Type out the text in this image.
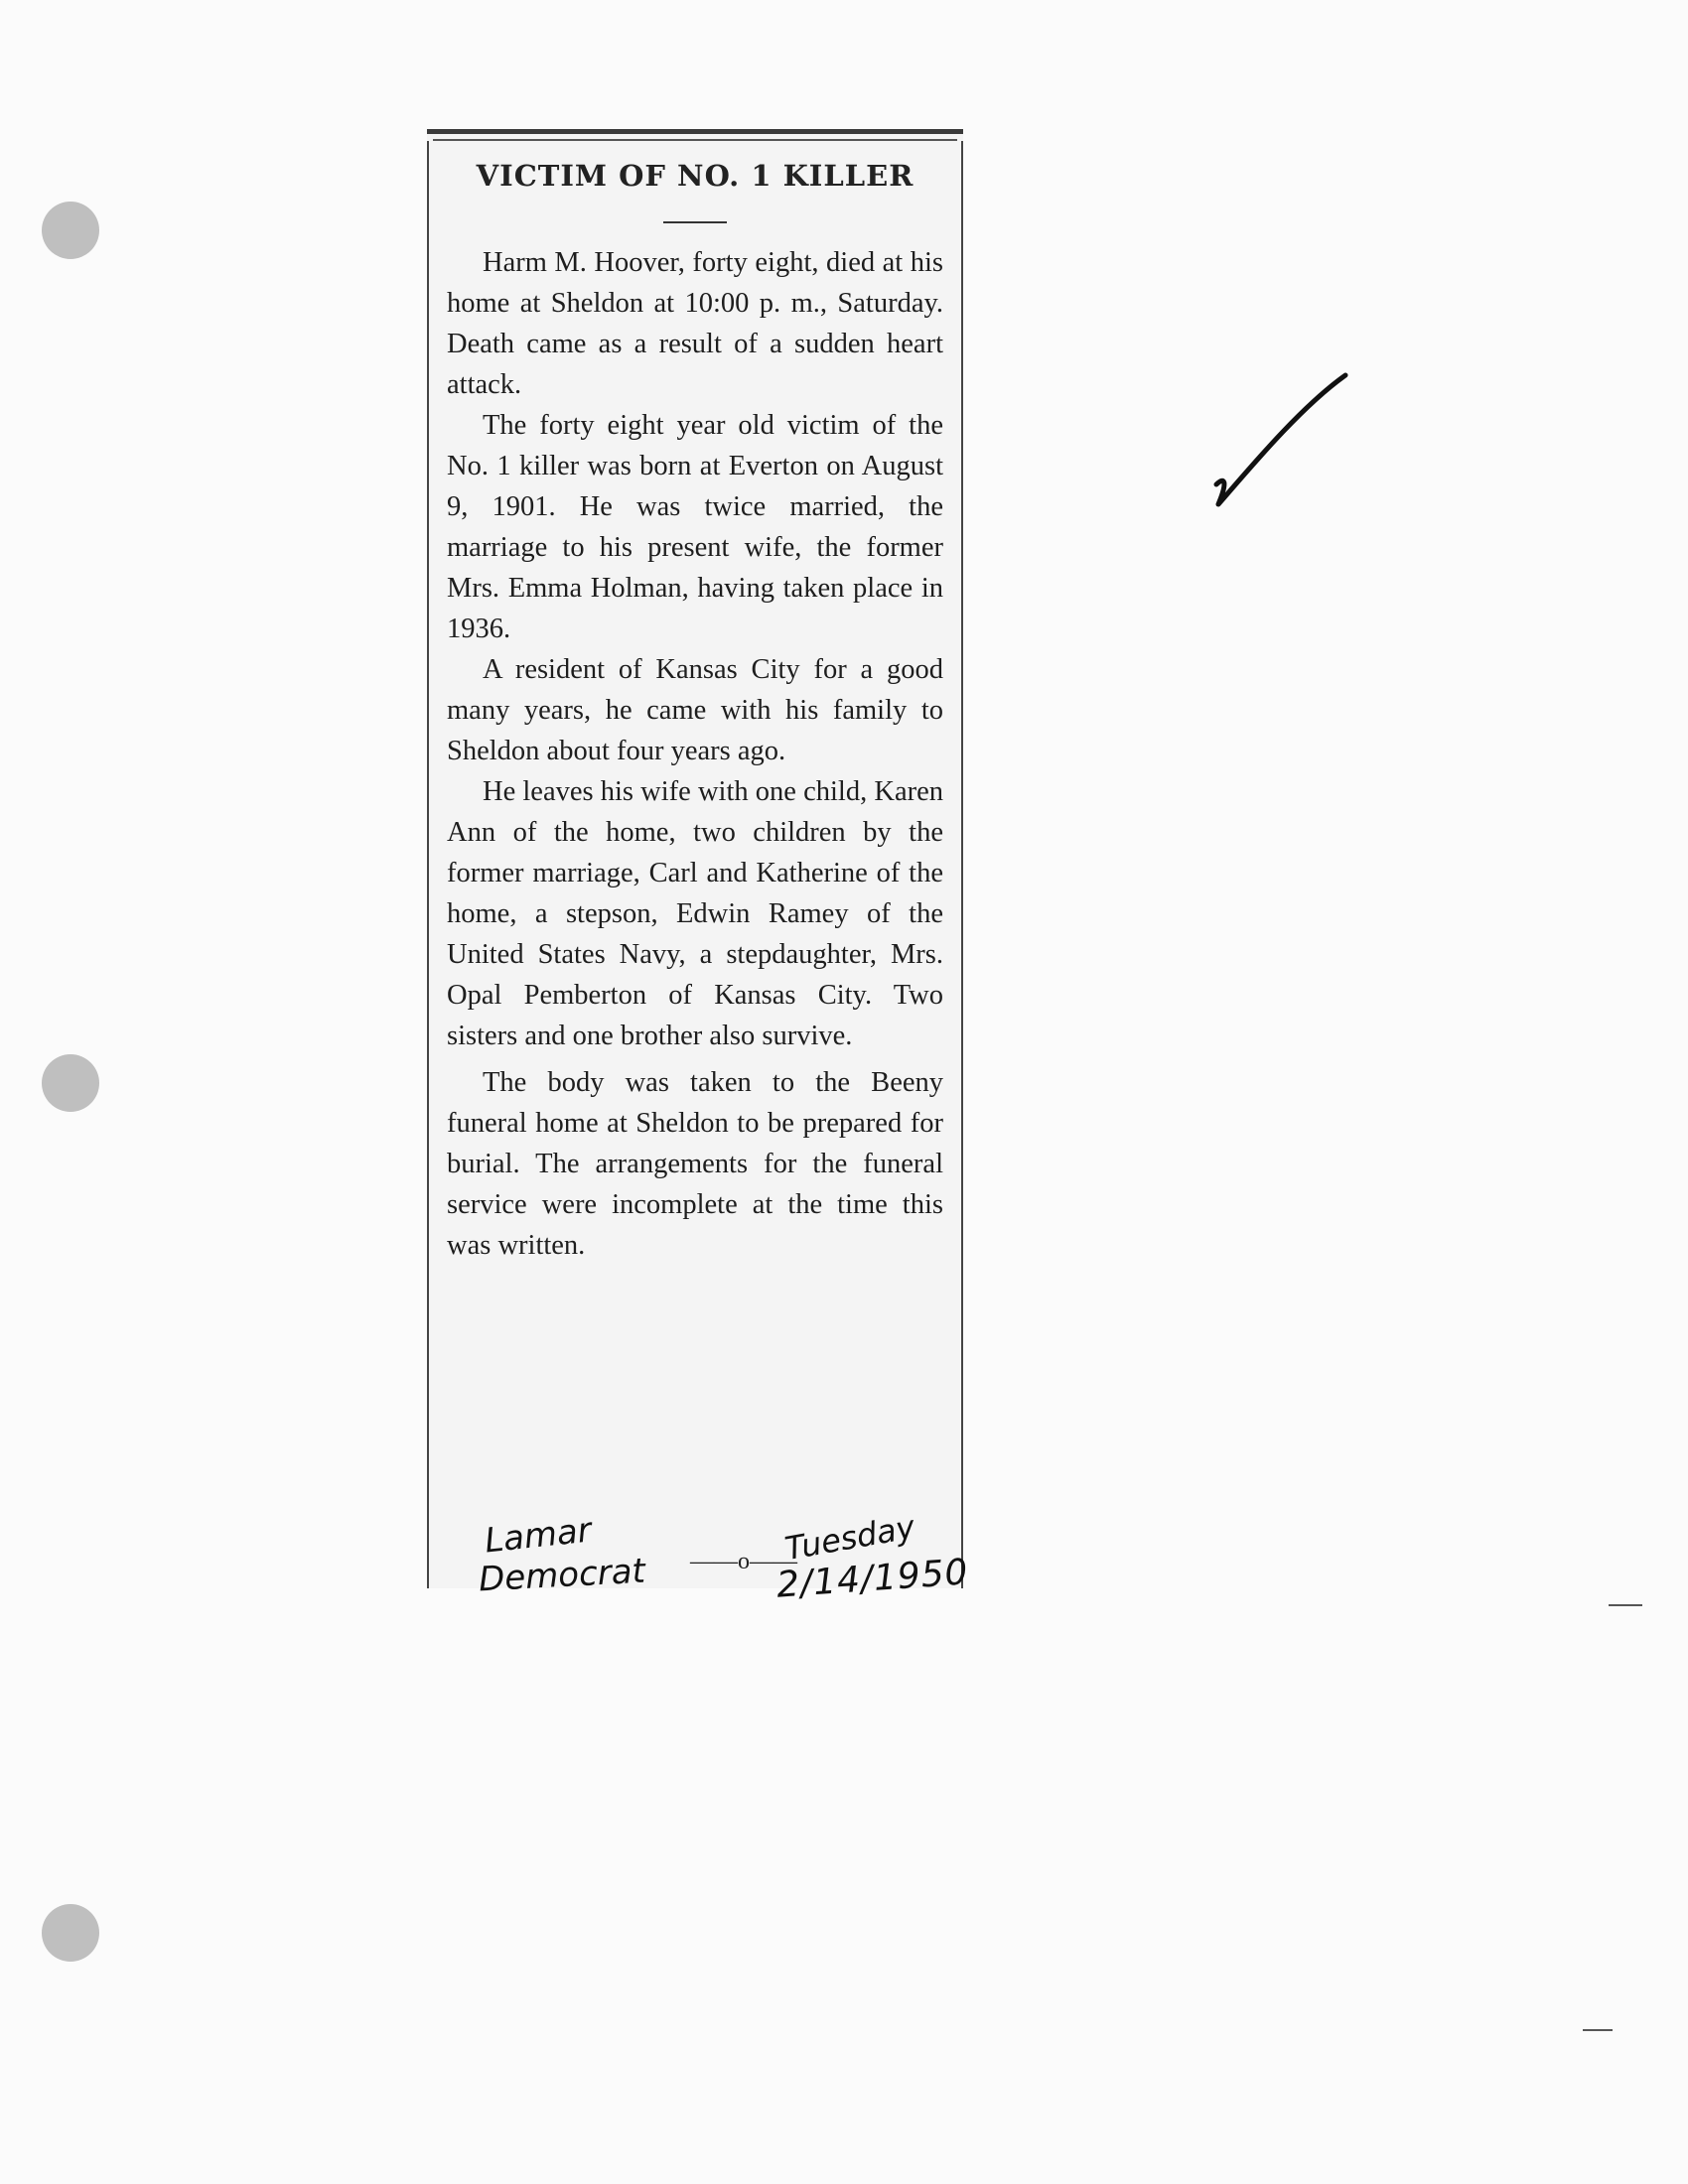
VICTIM OF NO. 1 KILLER

Harm M. Hoover, forty eight, died at his home at Sheldon at 10:00 p. m., Saturday. Death came as a result of a sudden heart attack.

The forty eight year old victim of the No. 1 killer was born at Everton on August 9, 1901. He was twice married, the marriage to his present wife, the former Mrs. Emma Holman, having taken place in 1936.

A resident of Kansas City for a good many years, he came with his family to Sheldon about four years ago.

He leaves his wife with one child, Karen Ann of the home, two children by the former marriage, Carl and Katherine of the home, a stepson, Edwin Ramey of the United States Navy, a stepdaughter, Mrs. Opal Pemberton of Kansas City. Two sisters and one brother also survive.

The body was taken to the Beeny funeral home at Sheldon to be prepared for burial. The arrangements for the funeral service were incomplete at the time this was written.

——o——
Lamar
Democrat
Tuesday
2/14/1950
